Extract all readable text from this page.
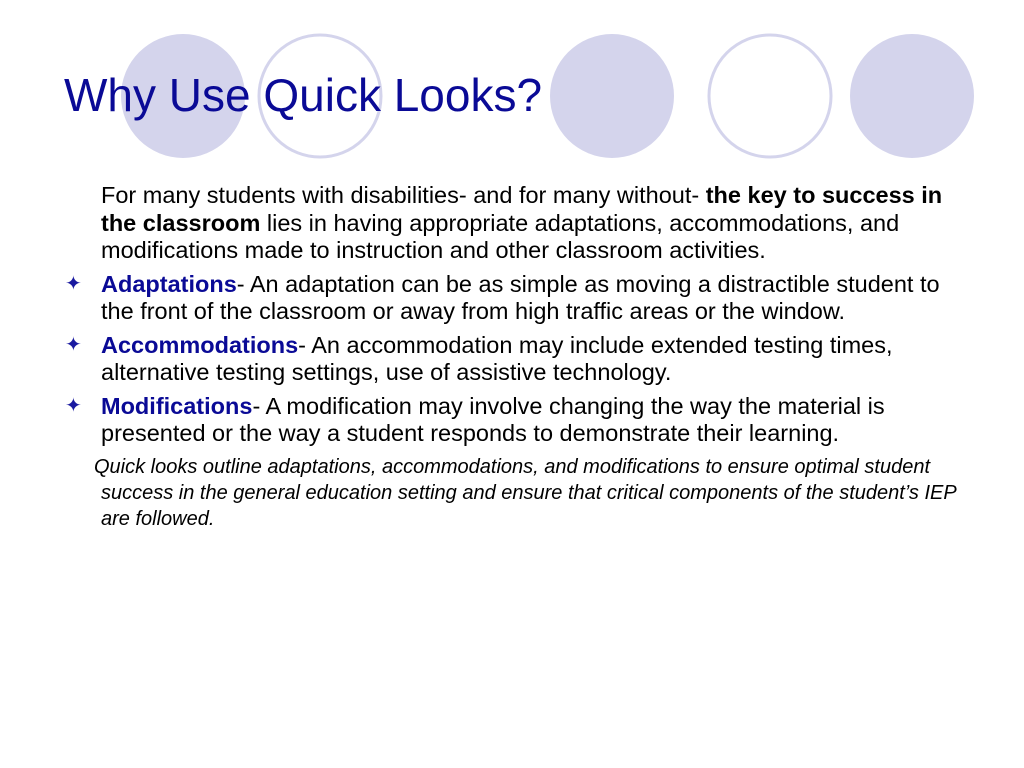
Why Use Quick Looks?

For many students with disabilities- and for many without- the key to success in the classroom lies in having appropriate adaptations, accommodations, and modifications made to instruction and other classroom activities.

✦ Adaptations- An adaptation can be as simple as moving a distractible student to the front of the classroom or away from high traffic areas or the window.

✦ Accommodations- An accommodation may include extended testing times, alternative testing settings, use of assistive technology.

✦ Modifications- A modification may involve changing the way the material is presented or the way a student responds to demonstrate their learning.

Quick looks outline adaptations, accommodations, and modifications to ensure optimal student success in the general education setting and ensure that critical components of the student’s IEP are followed.
